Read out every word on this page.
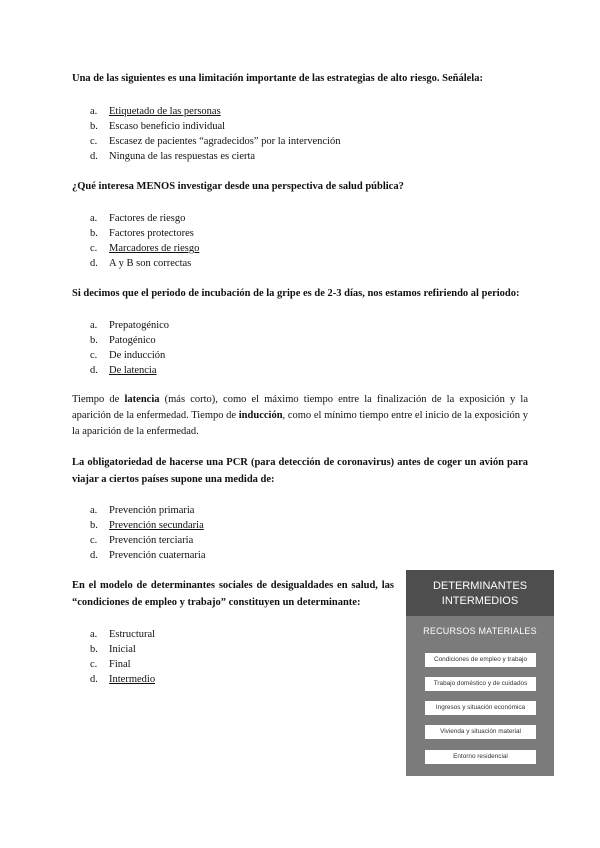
Una de las siguientes es una limitación importante de las estrategias de alto riesgo. Señálela:

a. Etiquetado de las personas
b. Escaso beneficio individual
c. Escasez de pacientes “agradecidos” por la intervención
d. Ninguna de las respuestas es cierta

¿Qué interesa MENOS investigar desde una perspectiva de salud pública?

a. Factores de riesgo
b. Factores protectores
c. Marcadores de riesgo
d. A y B son correctas

Si decimos que el periodo de incubación de la gripe es de 2-3 días, nos estamos refiriendo al periodo:

a. Prepatogénico
b. Patogénico
c. De inducción
d. De latencia

Tiempo de latencia (más corto), como el máximo tiempo entre la finalización de la exposición y la aparición de la enfermedad. Tiempo de inducción, como el mínimo tiempo entre el inicio de la exposición y la aparición de la enfermedad.

La obligatoriedad de hacerse una PCR (para detección de coronavirus) antes de coger un avión para viajar a ciertos países supone una medida de:

a. Prevención primaria
b. Prevención secundaria
c. Prevención terciaria
d. Prevención cuaternaria

En el modelo de determinantes sociales de desigualdades en salud, las “condiciones de empleo y trabajo” constituyen un determinante:

a. Estructural
b. Inicial
c. Final
d. Intermedio
DETERMINANTES
INTERMEDIOS
RECURSOS MATERIALES
Condiciones de empleo y trabajo
Trabajo doméstico y de cuidados
Ingresos y situación económica
Vivienda y situación material
Entorno residencial
